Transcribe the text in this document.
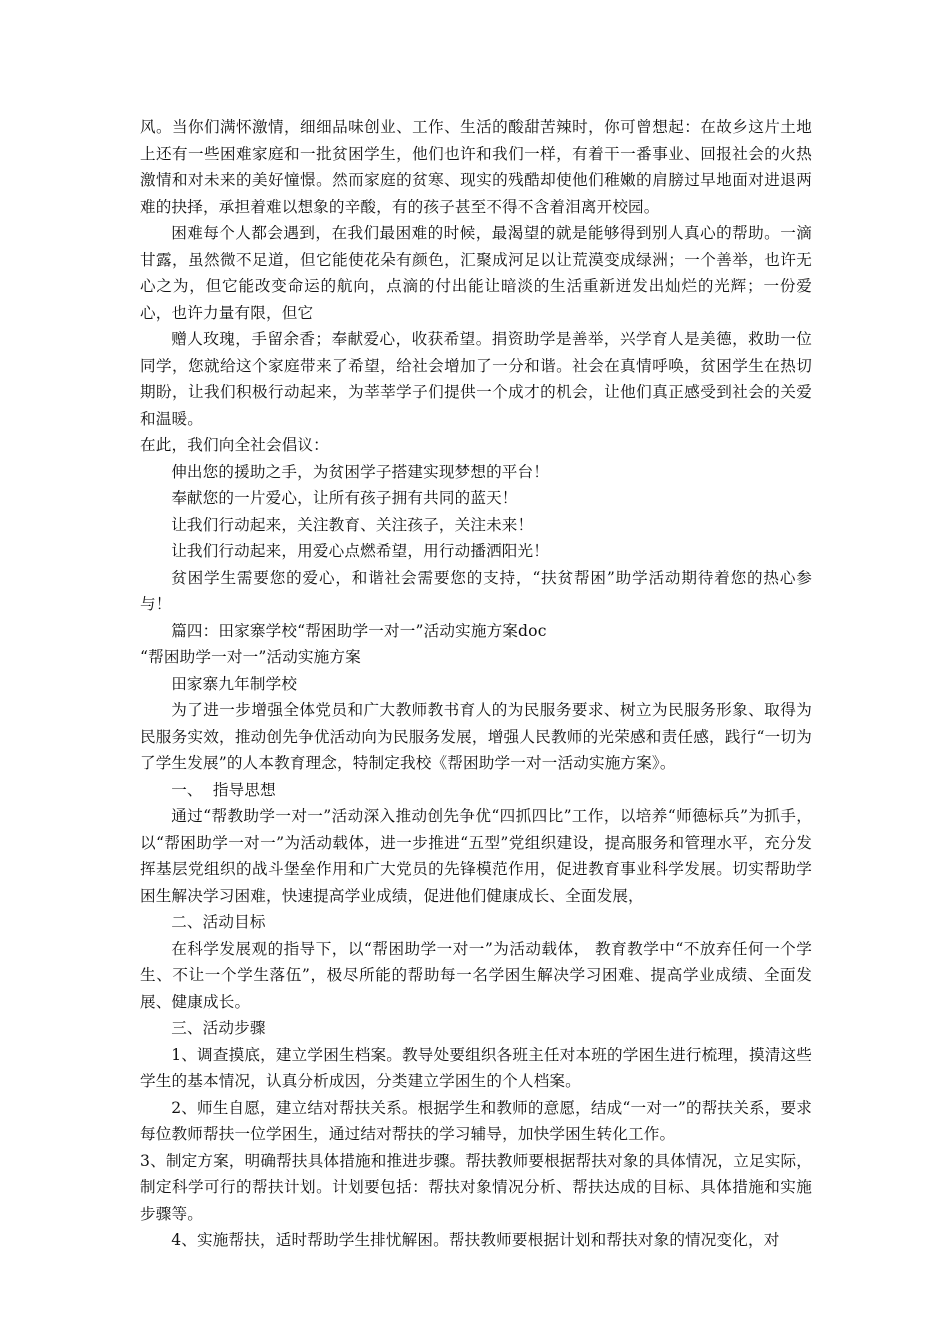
风。当你们满怀激情，细细品味创业、工作、生活的酸甜苦辣时，你可曾想起：在故乡这片土地上还有一些困难家庭和一批贫困学生，他们也许和我们一样，有着干一番事业、回报社会的火热激情和对未来的美好憧憬。然而家庭的贫寒、现实的残酷却使他们稚嫩的肩膀过早地面对进退两难的抉择，承担着难以想象的辛酸，有的孩子甚至不得不含着泪离开校园。

困难每个人都会遇到，在我们最困难的时候，最渴望的就是能够得到别人真心的帮助。一滴甘露，虽然微不足道，但它能使花朵有颜色，汇聚成河足以让荒漠变成绿洲；一个善举，也许无心之为，但它能改变命运的航向，点滴的付出能让暗淡的生活重新迸发出灿烂的光辉；一份爱心，也许力量有限，但它

赠人玫瑰，手留余香；奉献爱心，收获希望。捐资助学是善举，兴学育人是美德，救助一位同学，您就给这个家庭带来了希望，给社会增加了一分和谐。社会在真情呼唤，贫困学生在热切期盼，让我们积极行动起来，为莘莘学子们提供一个成才的机会，让他们真正感受到社会的关爱和温暖。

在此，我们向全社会倡议：

伸出您的援助之手，为贫困学子搭建实现梦想的平台！

奉献您的一片爱心，让所有孩子拥有共同的蓝天！

让我们行动起来，关注教育、关注孩子，关注未来！

让我们行动起来，用爱心点燃希望，用行动播洒阳光！

贫困学生需要您的爱心，和谐社会需要您的支持，“扶贫帮困”助学活动期待着您的热心参与！

篇四：田家寨学校“帮困助学一对一”活动实施方案doc

“帮困助学一对一”活动实施方案

田家寨九年制学校

为了进一步增强全体党员和广大教师教书育人的为民服务要求、树立为民服务形象、取得为民服务实效，推动创先争优活动向为民服务发展，增强人民教师的光荣感和责任感，践行“一切为了学生发展”的人本教育理念，特制定我校《帮困助学一对一活动实施方案》。

一、  指导思想

通过“帮教助学一对一”活动深入推动创先争优“四抓四比”工作，以培养“师德标兵”为抓手，以“帮困助学一对一”为活动载体，进一步推进“五型”党组织建设，提高服务和管理水平，充分发挥基层党组织的战斗堡垒作用和广大党员的先锋模范作用，促进教育事业科学发展。切实帮助学困生解决学习困难，快速提高学业成绩，促进他们健康成长、全面发展，

二、活动目标

在科学发展观的指导下，以“帮困助学一对一”为活动载体， 教育教学中“不放弃任何一个学生、不让一个学生落伍”，极尽所能的帮助每一名学困生解决学习困难、提高学业成绩、全面发展、健康成长。

三、活动步骤

1、调查摸底，建立学困生档案。教导处要组织各班主任对本班的学困生进行梳理，摸清这些学生的基本情况，认真分析成因，分类建立学困生的个人档案。

2、师生自愿，建立结对帮扶关系。根据学生和教师的意愿，结成“一对一”的帮扶关系，要求每位教师帮扶一位学困生，通过结对帮扶的学习辅导，加快学困生转化工作。

3、制定方案，明确帮扶具体措施和推进步骤。帮扶教师要根据帮扶对象的具体情况，立足实际，制定科学可行的帮扶计划。计划要包括：帮扶对象情况分析、帮扶达成的目标、具体措施和实施步骤等。

4、实施帮扶，适时帮助学生排忧解困。帮扶教师要根据计划和帮扶对象的情况变化，对
